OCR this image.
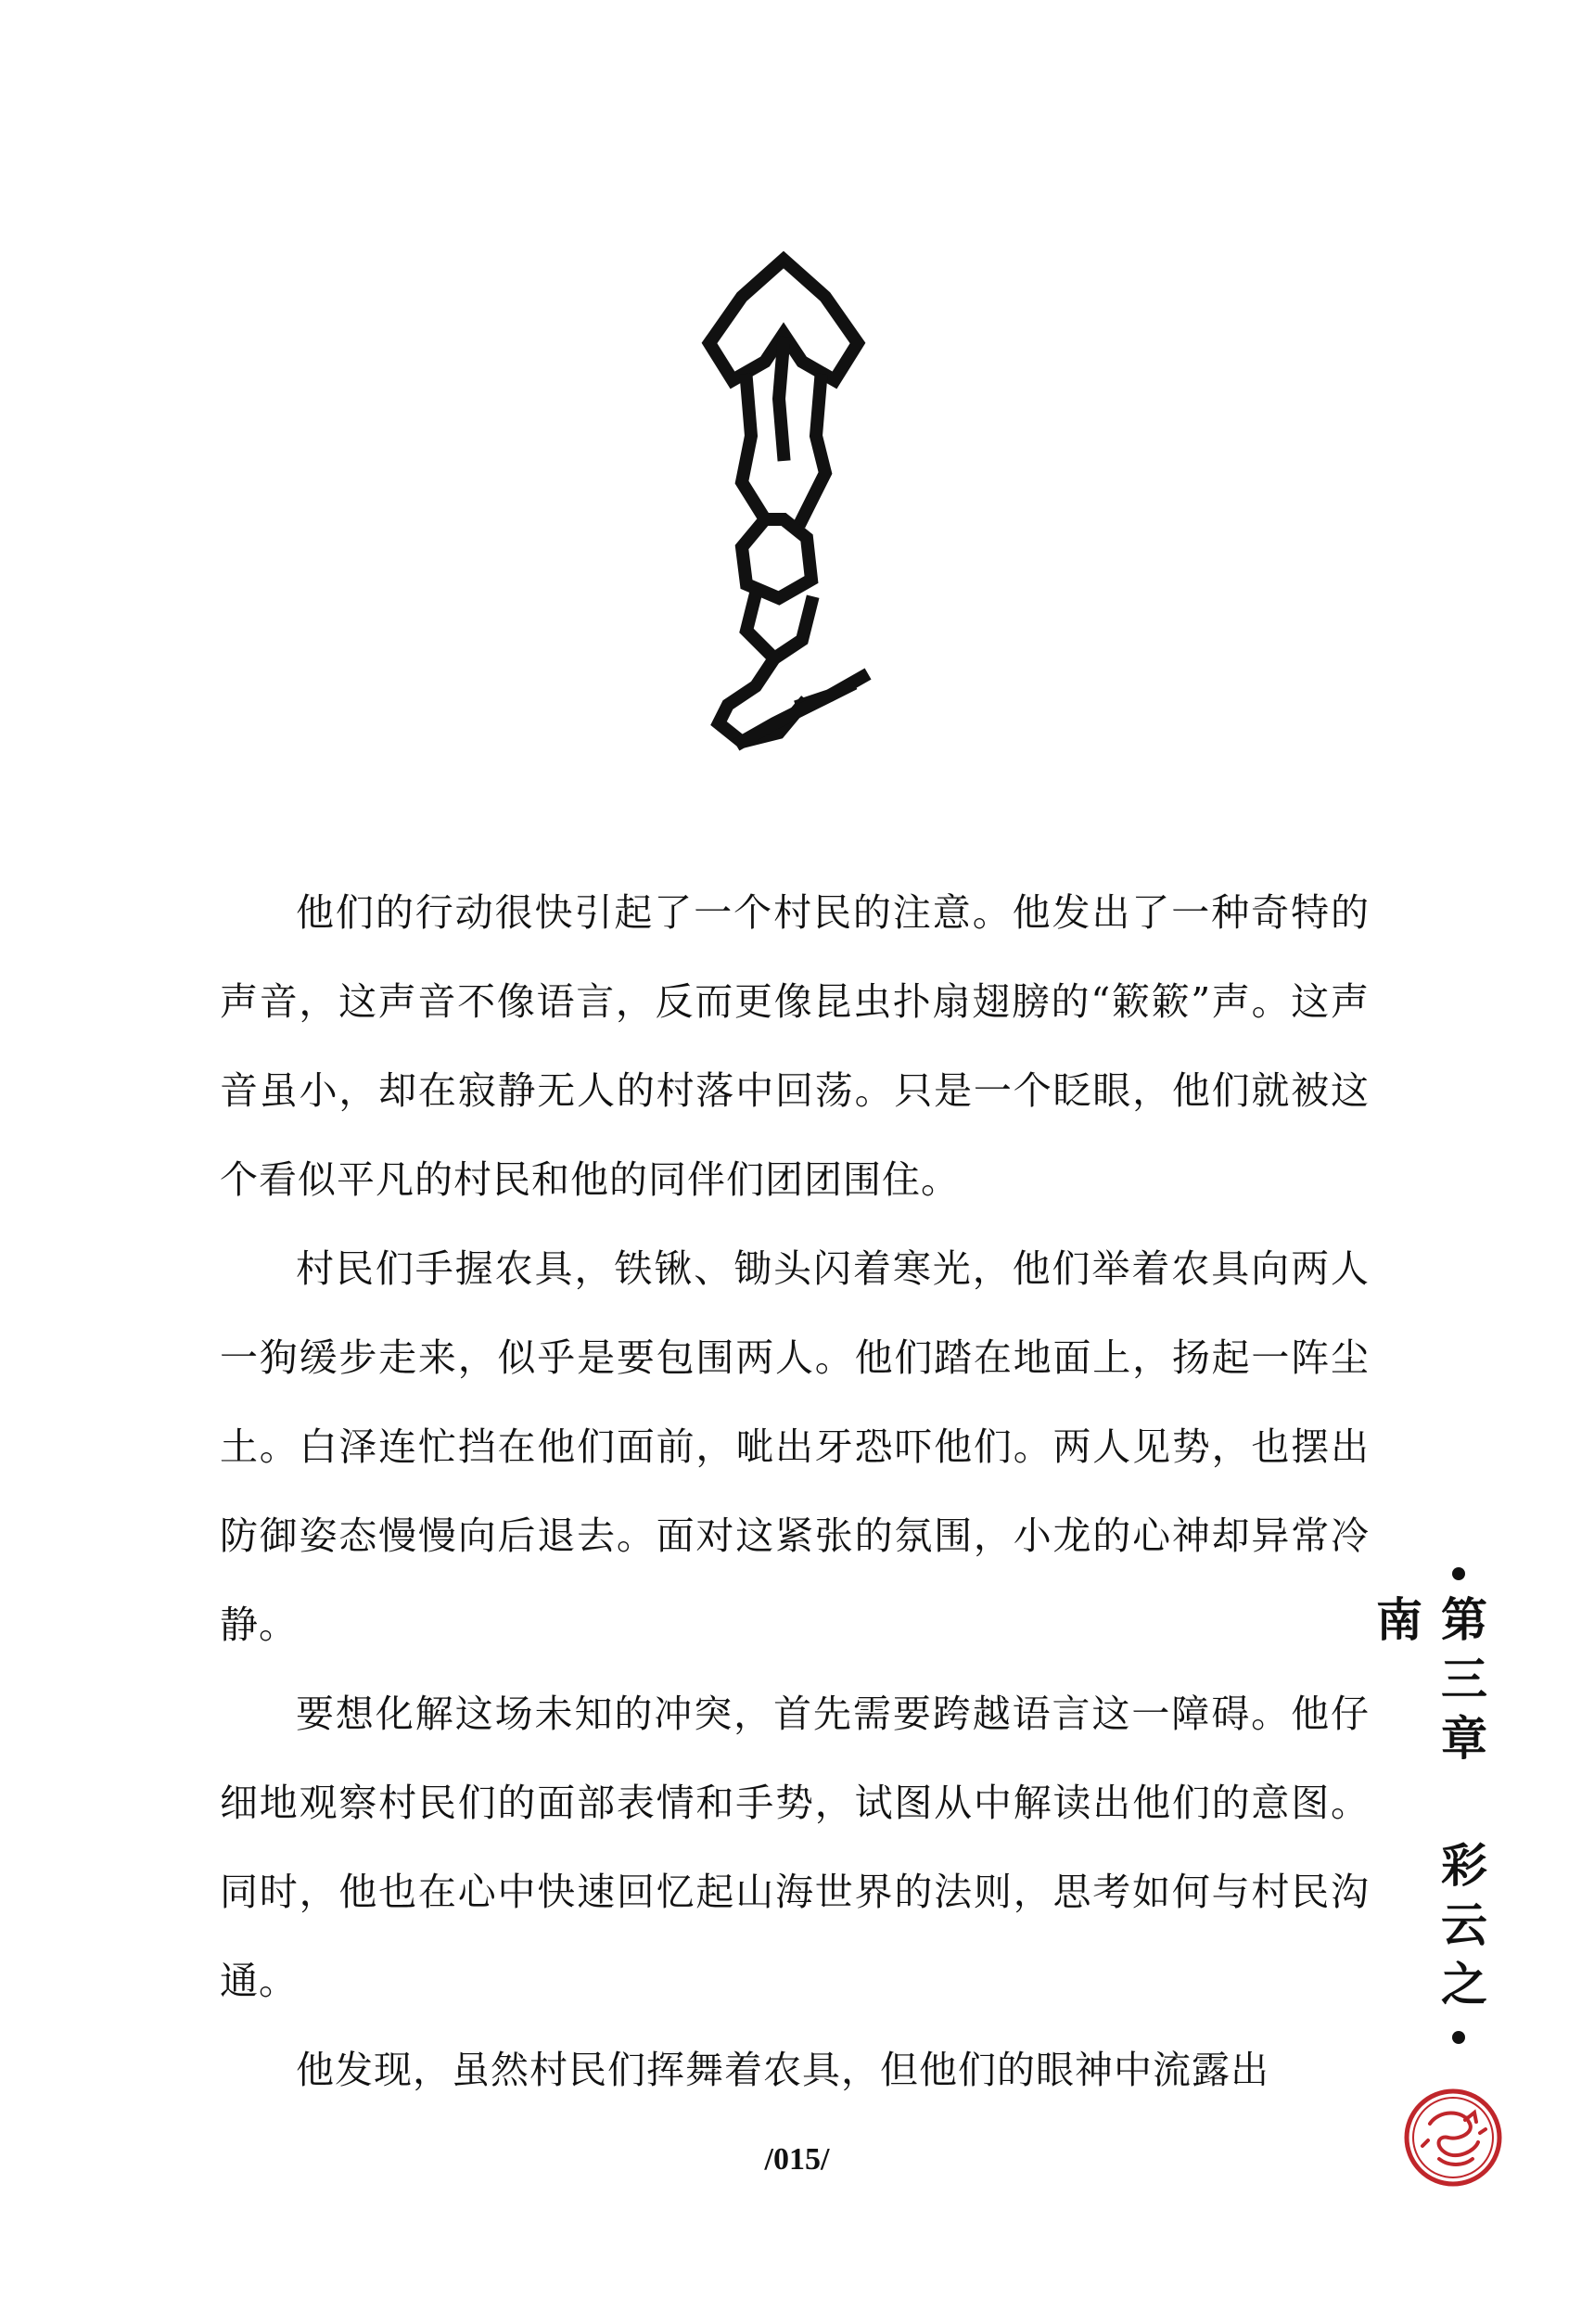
他们的行动很快引起了一个村民的注意。他发出了一种奇特的声音，这声音不像语言，反而更像昆虫扑扇翅膀的“簌簌”声。这声音虽小，却在寂静无人的村落中回荡。只是一个眨眼，他们就被这个看似平凡的村民和他的同伴们团团围住。

村民们手握农具，铁锹、锄头闪着寒光，他们举着农具向两人一狗缓步走来，似乎是要包围两人。他们踏在地面上，扬起一阵尘土。白泽连忙挡在他们面前，呲出牙恐吓他们。两人见势，也摆出防御姿态慢慢向后退去。面对这紧张的氛围，小龙的心神却异常冷静。

要想化解这场未知的冲突，首先需要跨越语言这一障碍。他仔细地观察村民们的面部表情和手势，试图从中解读出他们的意图。同时，他也在心中快速回忆起山海世界的法则，思考如何与村民沟通。

他发现，虽然村民们挥舞着农具，但他们的眼神中流露出

第三章 彩云之南
/015/
